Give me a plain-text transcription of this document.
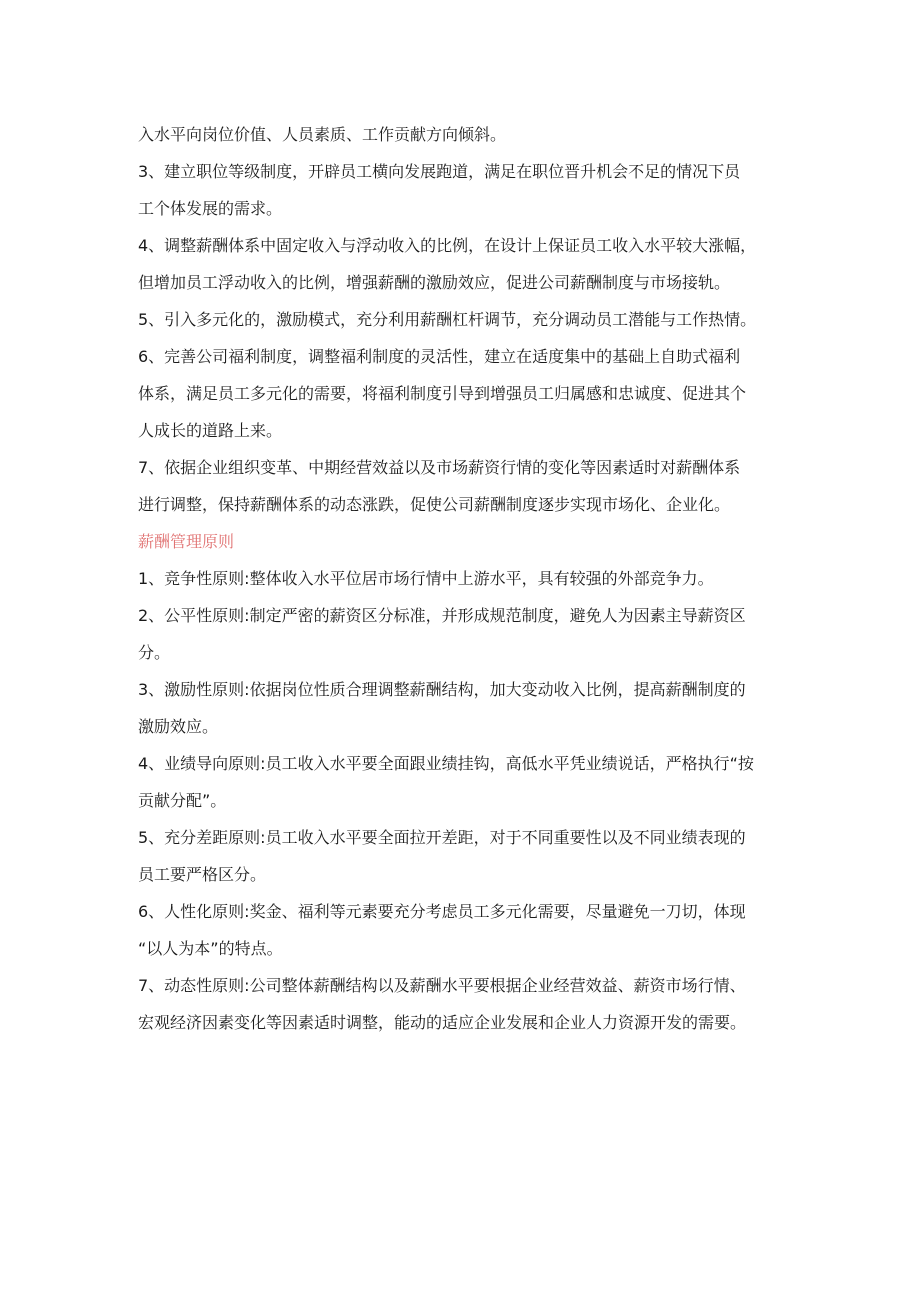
入水平向岗位价值、人员素质、工作贡献方向倾斜。

3、建立职位等级制度，开辟员工横向发展跑道，满足在职位晋升机会不足的情况下员
工个体发展的需求。

4、调整薪酬体系中固定收入与浮动收入的比例，在设计上保证员工收入水平较大涨幅，
但增加员工浮动收入的比例，增强薪酬的激励效应，促进公司薪酬制度与市场接轨。

5、引入多元化的，激励模式，充分利用薪酬杠杆调节，充分调动员工潜能与工作热情。

6、完善公司福利制度，调整福利制度的灵活性，建立在适度集中的基础上自助式福利
体系，满足员工多元化的需要，将福利制度引导到增强员工归属感和忠诚度、促进其个
人成长的道路上来。

7、依据企业组织变革、中期经营效益以及市场薪资行情的变化等因素适时对薪酬体系
进行调整，保持薪酬体系的动态涨跌，促使公司薪酬制度逐步实现市场化、企业化。

薪酬管理原则

1、竞争性原则:整体收入水平位居市场行情中上游水平，具有较强的外部竞争力。

2、公平性原则:制定严密的薪资区分标准，并形成规范制度，避免人为因素主导薪资区
分。

3、激励性原则:依据岗位性质合理调整薪酬结构，加大变动收入比例，提高薪酬制度的
激励效应。

4、业绩导向原则:员工收入水平要全面跟业绩挂钩，高低水平凭业绩说话，严格执行“按
贡献分配”。

5、充分差距原则:员工收入水平要全面拉开差距，对于不同重要性以及不同业绩表现的
员工要严格区分。

6、人性化原则:奖金、福利等元素要充分考虑员工多元化需要，尽量避免一刀切，体现
“以人为本”的特点。

7、动态性原则:公司整体薪酬结构以及薪酬水平要根据企业经营效益、薪资市场行情、
宏观经济因素变化等因素适时调整，能动的适应企业发展和企业人力资源开发的需要。
